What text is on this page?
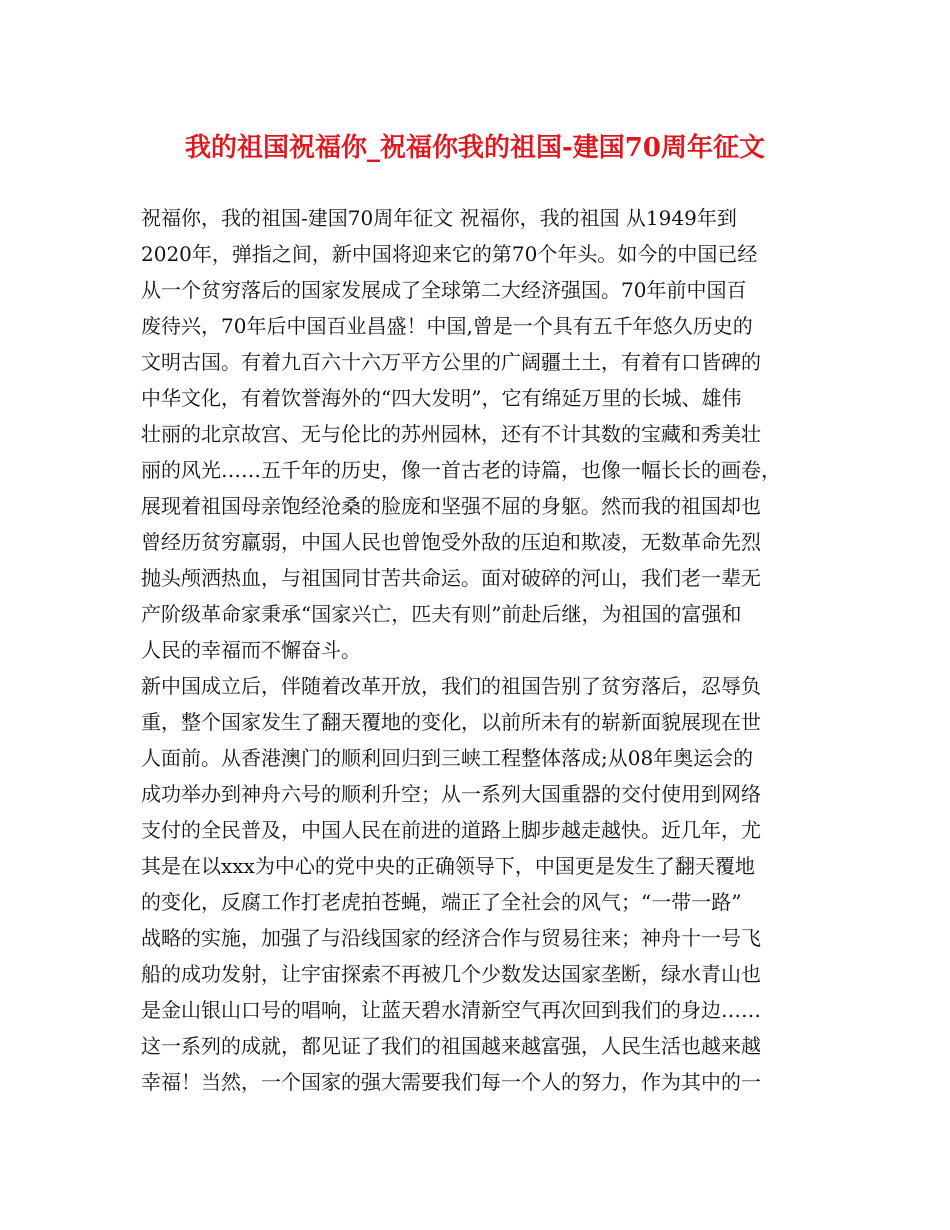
我的祖国祝福你_祝福你我的祖国-建国70周年征文
祝福你，我的祖国-建国70周年征文 祝福你，我的祖国 从1949年到
2020年，弹指之间，新中国将迎来它的第70个年头。如今的中国已经
从一个贫穷落后的国家发展成了全球第二大经济强国。70年前中国百
废待兴，70年后中国百业昌盛！中国,曾是一个具有五千年悠久历史的
文明古国。有着九百六十六万平方公里的广阔疆土土，有着有口皆碑的
中华文化，有着饮誉海外的“四大发明”，它有绵延万里的长城、雄伟
壮丽的北京故宫、无与伦比的苏州园林，还有不计其数的宝藏和秀美壮
丽的风光……五千年的历史，像一首古老的诗篇，也像一幅长长的画卷，
展现着祖国母亲饱经沧桑的脸庞和坚强不屈的身躯。然而我的祖国却也
曾经历贫穷羸弱，中国人民也曾饱受外敌的压迫和欺凌，无数革命先烈
抛头颅洒热血，与祖国同甘苦共命运。面对破碎的河山，我们老一辈无
产阶级革命家秉承“国家兴亡，匹夫有则”前赴后继，为祖国的富强和
人民的幸福而不懈奋斗。
新中国成立后，伴随着改革开放，我们的祖国告别了贫穷落后，忍辱负
重，整个国家发生了翻天覆地的变化，以前所未有的崭新面貌展现在世
人面前。从香港澳门的顺利回归到三峡工程整体落成;从08年奥运会的
成功举办到神舟六号的顺利升空；从一系列大国重器的交付使用到网络
支付的全民普及，中国人民在前进的道路上脚步越走越快。近几年，尤
其是在以xxx为中心的党中央的正确领导下，中国更是发生了翻天覆地
的变化，反腐工作打老虎拍苍蝇，端正了全社会的风气；“一带一路”
战略的实施，加强了与沿线国家的经济合作与贸易往来；神舟十一号飞
船的成功发射，让宇宙探索不再被几个少数发达国家垄断，绿水青山也
是金山银山口号的唱响，让蓝天碧水清新空气再次回到我们的身边……
这一系列的成就，都见证了我们的祖国越来越富强，人民生活也越来越
幸福！当然，一个国家的强大需要我们每一个人的努力，作为其中的一
